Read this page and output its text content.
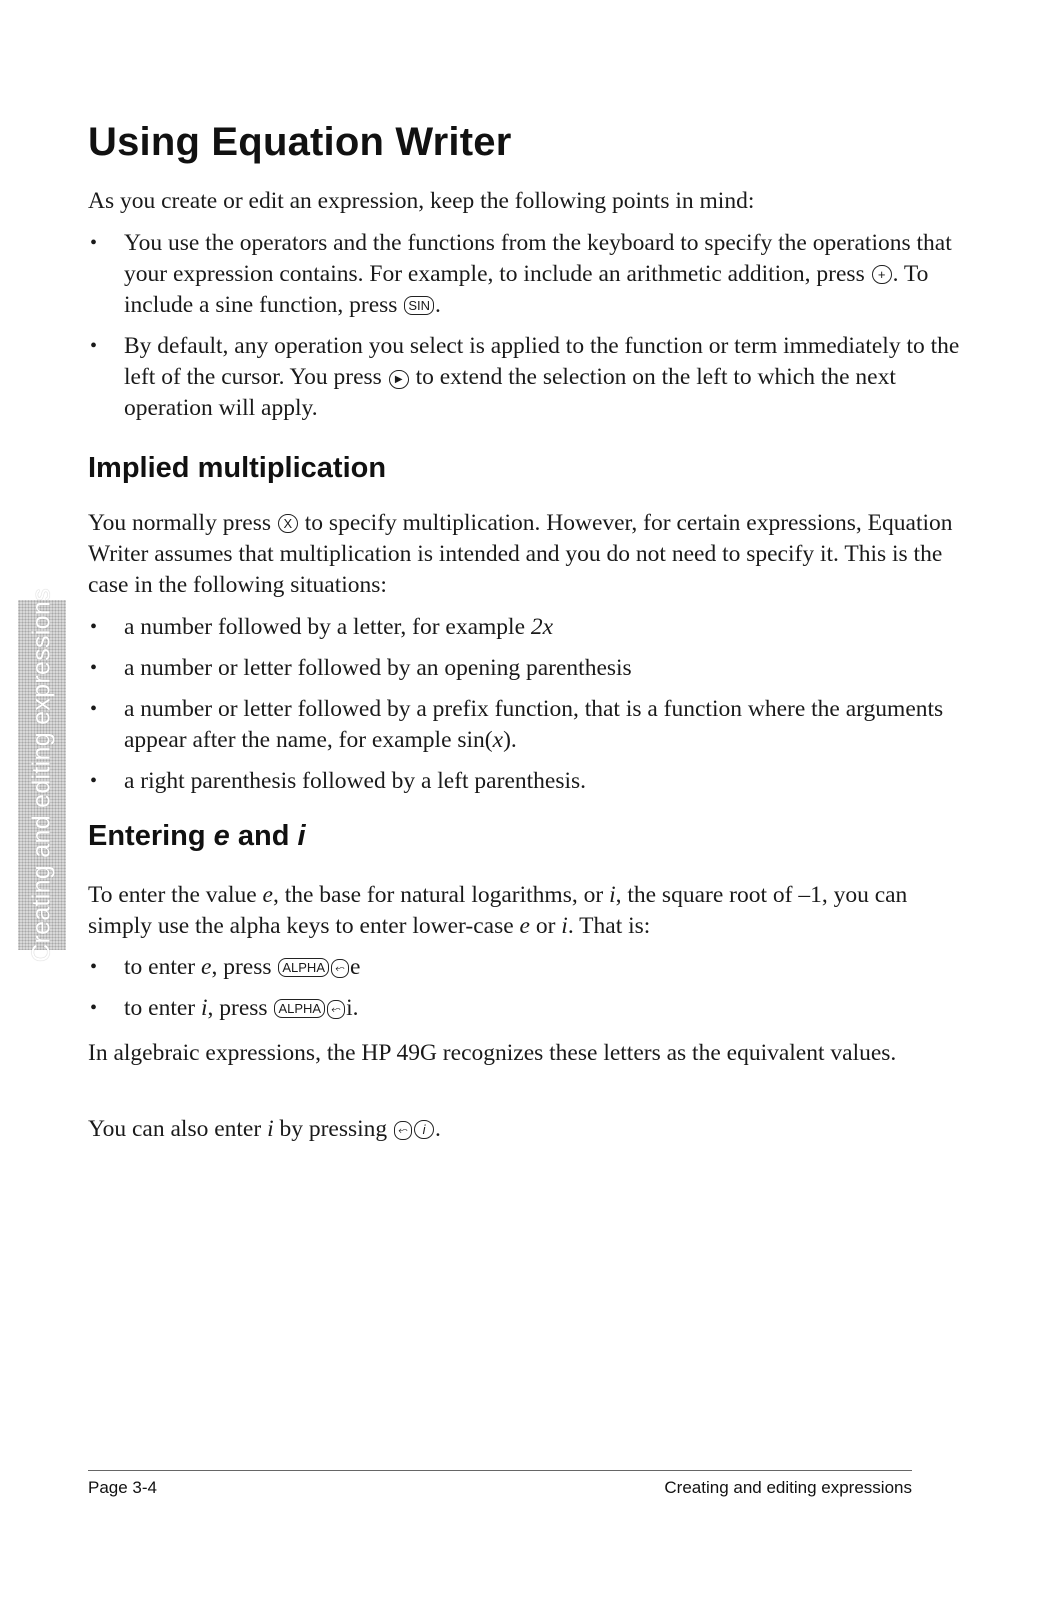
Using Equation Writer

As you create or edit an expression, keep the following points in mind:

• You use the operators and the functions from the keyboard to specify the operations that your expression contains. For example, to include an arithmetic addition, press + . To include a sine function, press SIN .
• By default, any operation you select is applied to the function or term immediately to the left of the cursor. You press ▶ to extend the selection on the left to which the next operation will apply.
Implied multiplication

You normally press X to specify multiplication. However, for certain expressions, Equation Writer assumes that multiplication is intended and you do not need to specify it. This is the case in the following situations:

• a number followed by a letter, for example 2x
• a number or letter followed by an opening parenthesis
• a number or letter followed by a prefix function, that is a function where the arguments appear after the name, for example sin(x).
• a right parenthesis followed by a left parenthesis.
Entering e and i

To enter the value e, the base for natural logarithms, or i, the square root of –1, you can simply use the alpha keys to enter lower-case e or i. That is:

• to enter e, press ALPHA ⬿ e
• to enter i, press ALPHA ⬿ i.

In algebraic expressions, the HP 49G recognizes these letters as the equivalent values.

You can also enter i by pressing ⬿ i .

Creating and editing expressions
Page 3-4	Creating and editing expressions
